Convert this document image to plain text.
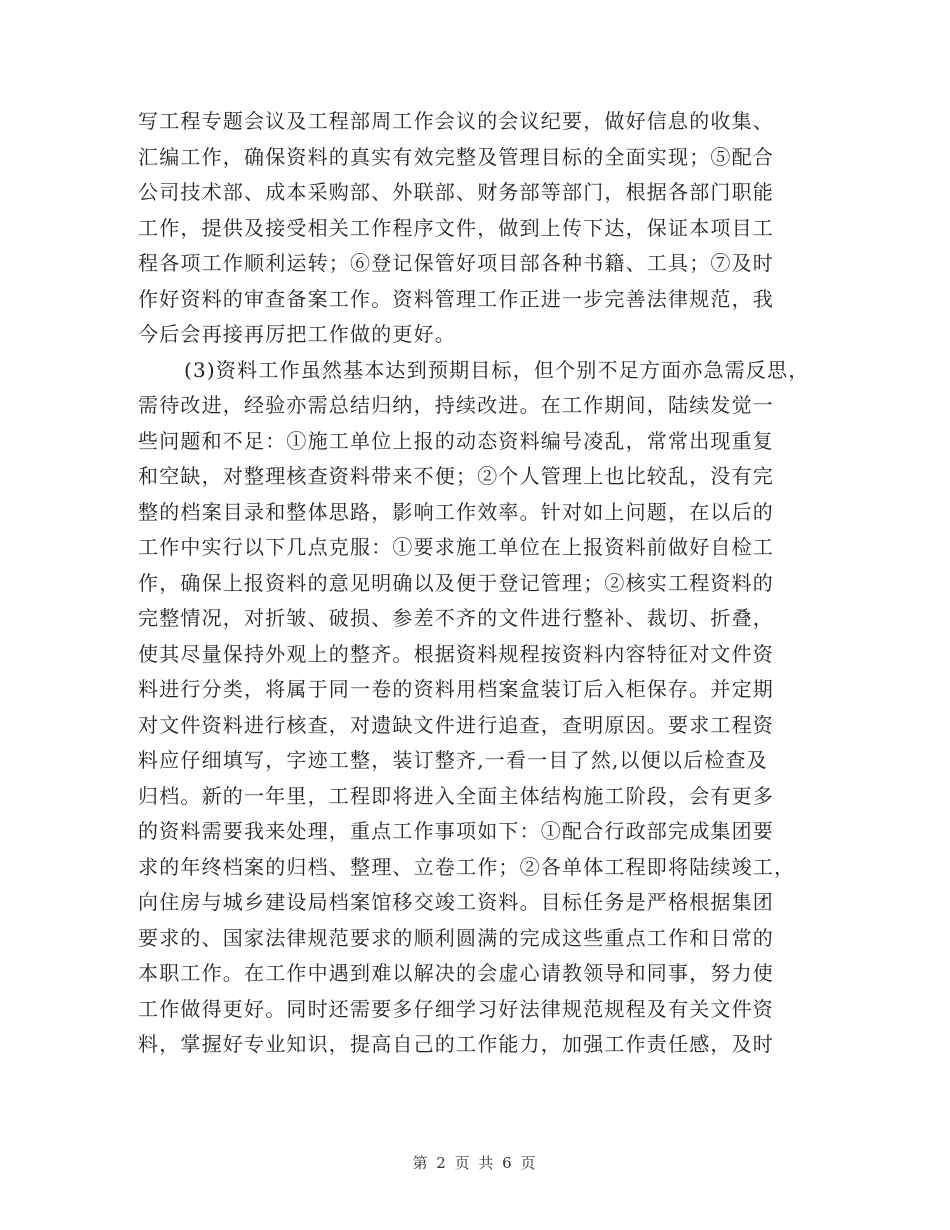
写工程专题会议及工程部周工作会议的会议纪要，做好信息的收集、
汇编工作，确保资料的真实有效完整及管理目标的全面实现；⑤配合
公司技术部、成本采购部、外联部、财务部等部门，根据各部门职能
工作，提供及接受相关工作程序文件，做到上传下达，保证本项目工
程各项工作顺利运转；⑥登记保管好项目部各种书籍、工具；⑦及时
作好资料的审查备案工作。资料管理工作正进一步完善法律规范，我
今后会再接再厉把工作做的更好。
(3)资料工作虽然基本达到预期目标，但个别不足方面亦急需反思，
需待改进，经验亦需总结归纳，持续改进。在工作期间，陆续发觉一
些问题和不足：①施工单位上报的动态资料编号凌乱，常常出现重复
和空缺，对整理核查资料带来不便；②个人管理上也比较乱，没有完
整的档案目录和整体思路，影响工作效率。针对如上问题，在以后的
工作中实行以下几点克服：①要求施工单位在上报资料前做好自检工
作，确保上报资料的意见明确以及便于登记管理；②核实工程资料的
完整情况，对折皱、破损、参差不齐的文件进行整补、裁切、折叠，
使其尽量保持外观上的整齐。根据资料规程按资料内容特征对文件资
料进行分类，将属于同一卷的资料用档案盒装订后入柜保存。并定期
对文件资料进行核查，对遗缺文件进行追查，查明原因。要求工程资
料应仔细填写，字迹工整，装订整齐,一看一目了然,以便以后检查及
归档。新的一年里，工程即将进入全面主体结构施工阶段，会有更多
的资料需要我来处理，重点工作事项如下：①配合行政部完成集团要
求的年终档案的归档、整理、立卷工作；②各单体工程即将陆续竣工，
向住房与城乡建设局档案馆移交竣工资料。目标任务是严格根据集团
要求的、国家法律规范要求的顺利圆满的完成这些重点工作和日常的
本职工作。在工作中遇到难以解决的会虚心请教领导和同事，努力使
工作做得更好。同时还需要多仔细学习好法律规范规程及有关文件资
料，掌握好专业知识，提高自己的工作能力，加强工作责任感，及时
第 2 页 共 6 页
